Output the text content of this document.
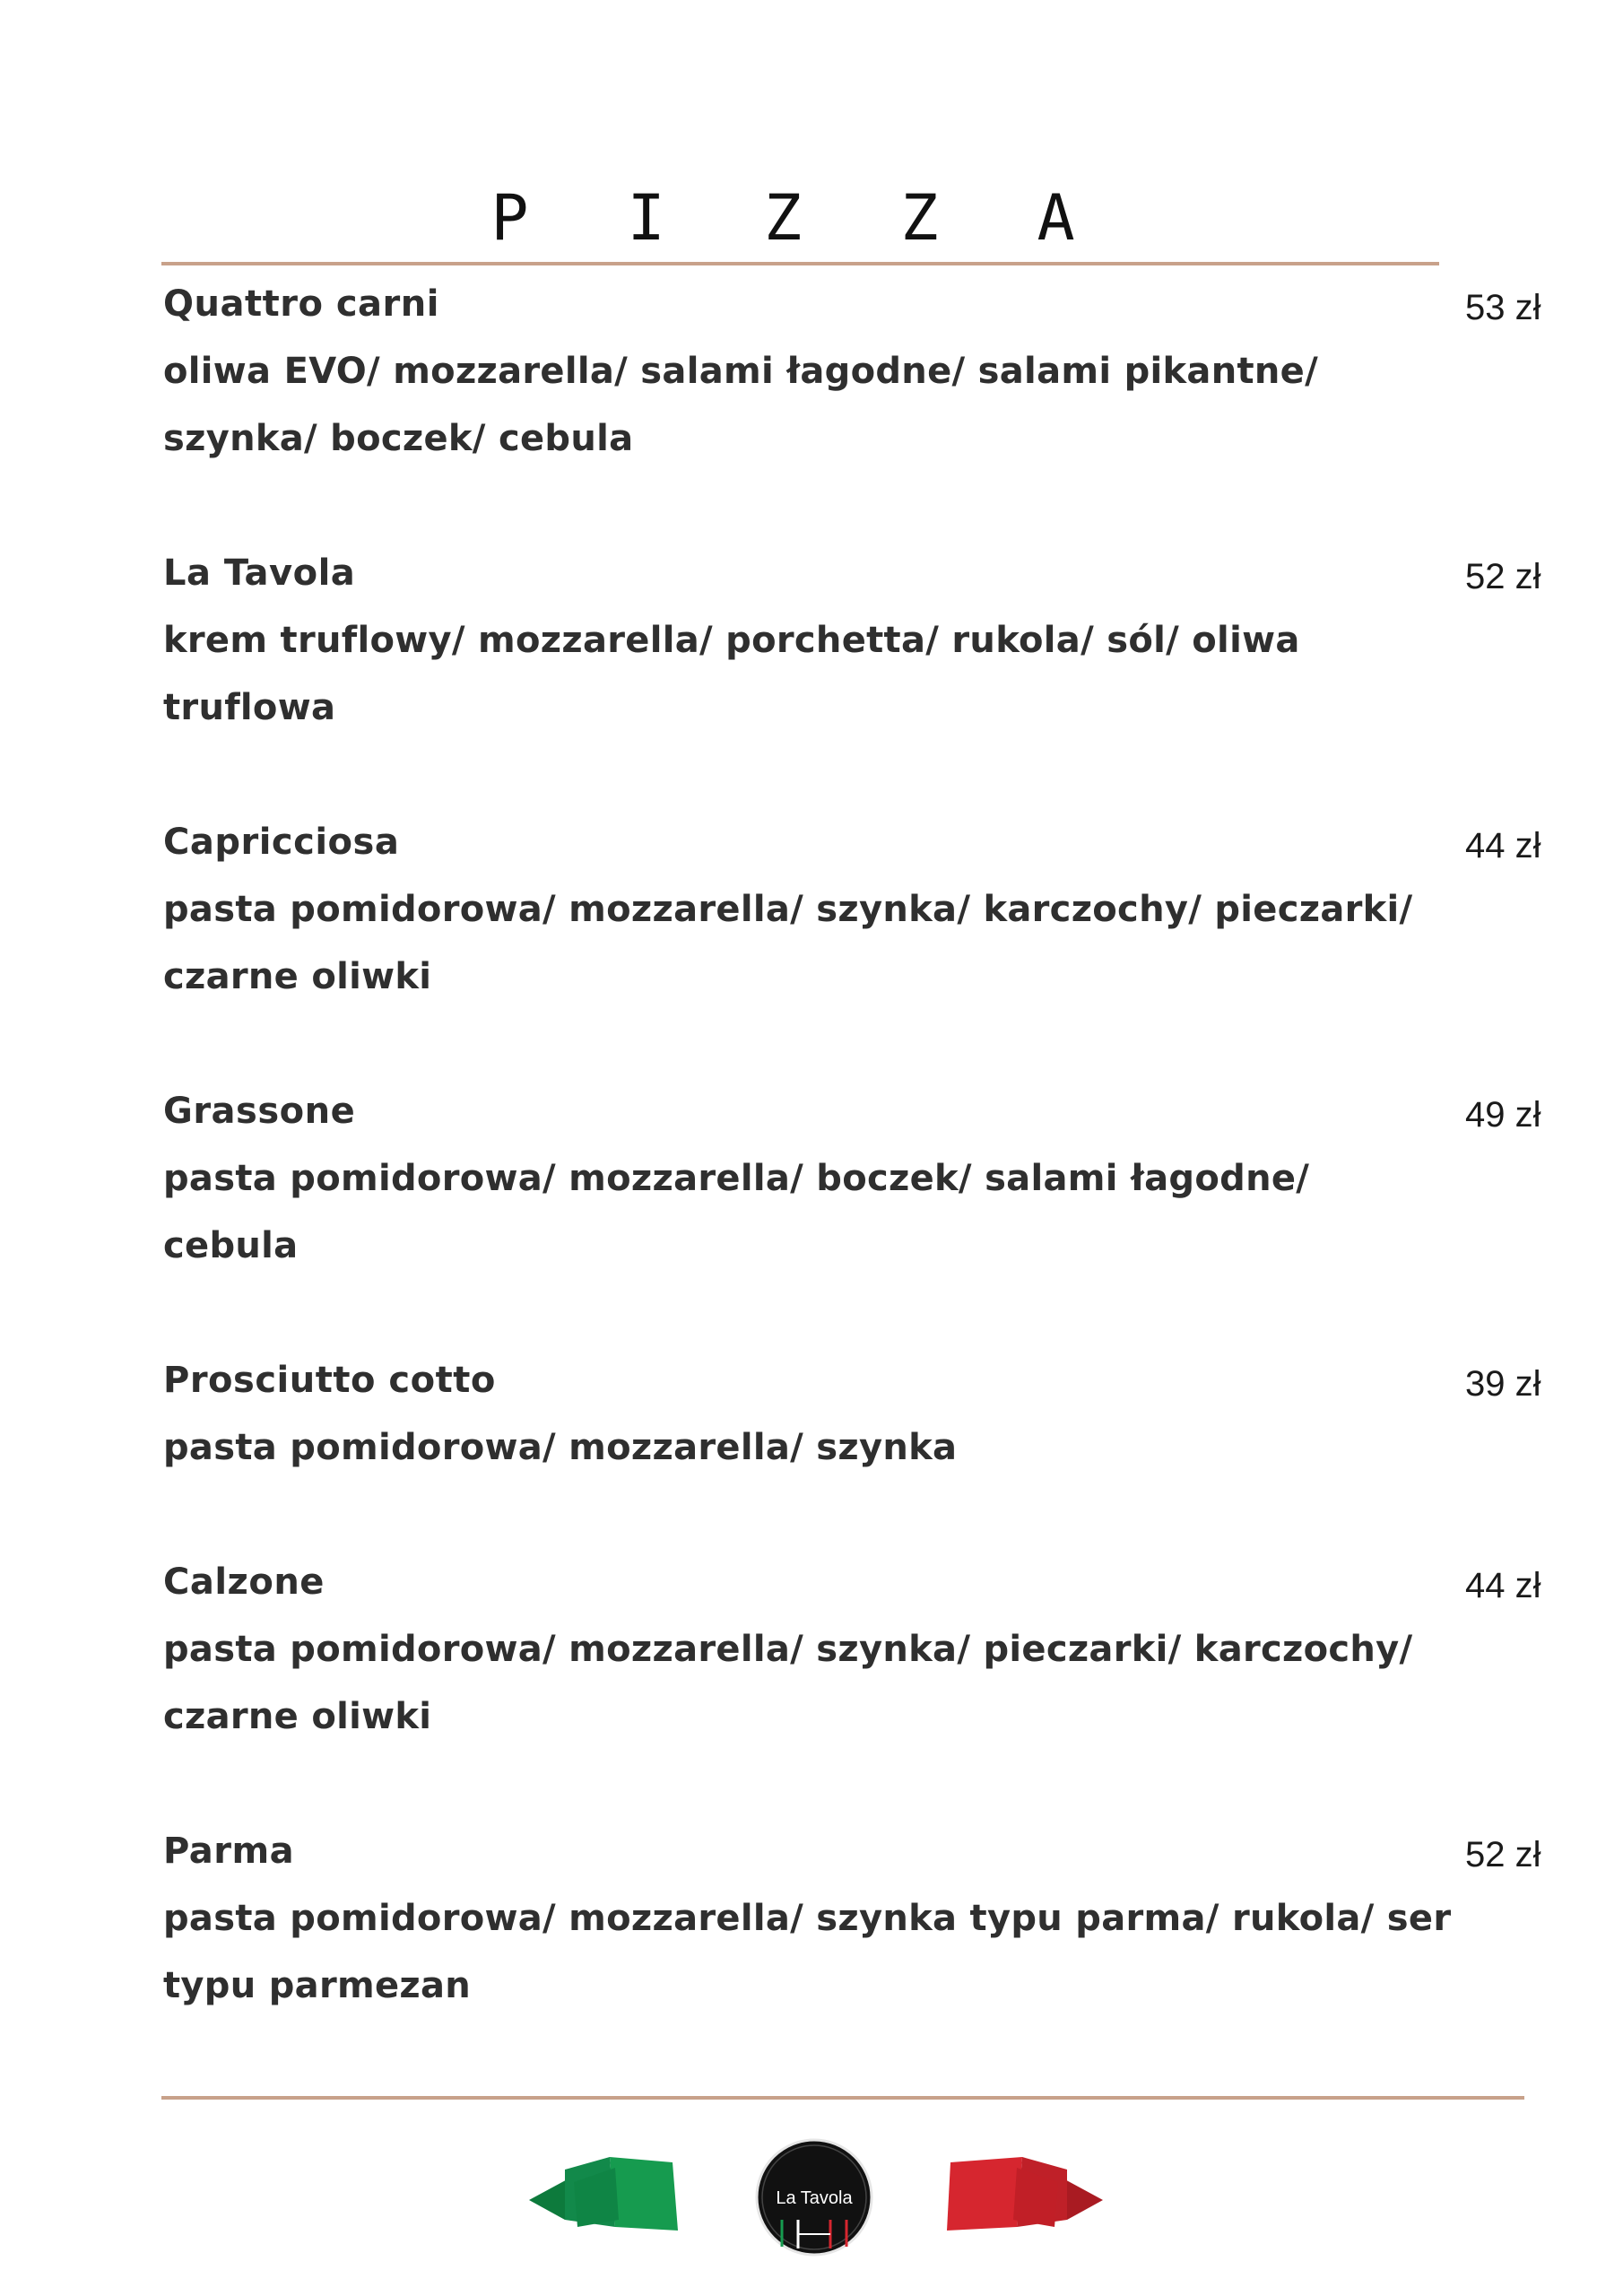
P I Z Z A
Quattro carni
oliwa EVO/ mozzarella/ salami łagodne/ salami pikantne/ szynka/ boczek/ cebula
53 zł
La Tavola
krem truflowy/ mozzarella/ porchetta/ rukola/ sól/ oliwa truflowa
52 zł
Capricciosa
pasta pomidorowa/ mozzarella/ szynka/ karczochy/ pieczarki/ czarne oliwki
44 zł
Grassone
pasta pomidorowa/ mozzarella/ boczek/ salami łagodne/ cebula
49 zł
Prosciutto cotto
pasta pomidorowa/ mozzarella/ szynka
39 zł
Calzone
pasta pomidorowa/ mozzarella/ szynka/ pieczarki/ karczochy/ czarne oliwki
44 zł
Parma
pasta pomidorowa/ mozzarella/ szynka typu parma/ rukola/ ser typu parmezan
52 zł
La Tavola
